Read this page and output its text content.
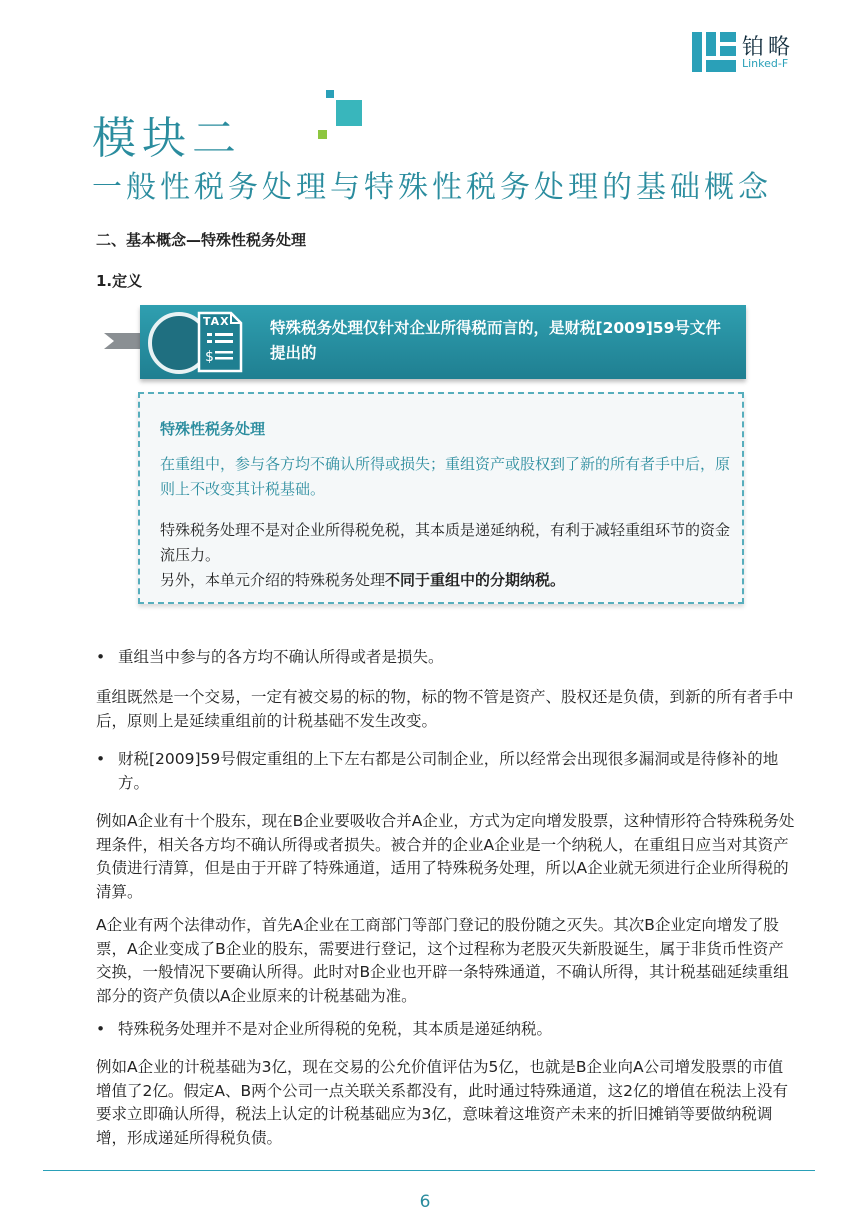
铂略
Linked-F
模块二
一般性税务处理与特殊性税务处理的基础概念
二、基本概念—特殊性税务处理
1.定义
特殊税务处理仅针对企业所得税而言的，是财税[2009]59号文件提出的
$
TAX
特殊性税务处理
在重组中，参与各方均不确认所得或损失；重组资产或股权到了新的所有者手中后，原则上不改变其计税基础。
特殊税务处理不是对企业所得税免税，其本质是递延纳税，有利于减轻重组环节的资金流压力。
另外，本单元介绍的特殊税务处理不同于重组中的分期纳税。
• 重组当中参与的各方均不确认所得或者是损失。
重组既然是一个交易，一定有被交易的标的物，标的物不管是资产、股权还是负债，到新的所有者手中后，原则上是延续重组前的计税基础不发生改变。
• 财税[2009]59号假定重组的上下左右都是公司制企业，所以经常会出现很多漏洞或是待修补的地方。
例如A企业有十个股东，现在B企业要吸收合并A企业，方式为定向增发股票，这种情形符合特殊税务处理条件，相关各方均不确认所得或者损失。被合并的企业A企业是一个纳税人，在重组日应当对其资产负债进行清算，但是由于开辟了特殊通道，适用了特殊税务处理，所以A企业就无须进行企业所得税的清算。
A企业有两个法律动作，首先A企业在工商部门等部门登记的股份随之灭失。其次B企业定向增发了股票，A企业变成了B企业的股东，需要进行登记，这个过程称为老股灭失新股诞生，属于非货币性资产交换，一般情况下要确认所得。此时对B企业也开辟一条特殊通道，不确认所得，其计税基础延续重组部分的资产负债以A企业原来的计税基础为准。
• 特殊税务处理并不是对企业所得税的免税，其本质是递延纳税。
例如A企业的计税基础为3亿，现在交易的公允价值评估为5亿，也就是B企业向A公司增发股票的市值增值了2亿。假定A、B两个公司一点关联关系都没有，此时通过特殊通道，这2亿的增值在税法上没有要求立即确认所得，税法上认定的计税基础应为3亿，意味着这堆资产未来的折旧摊销等要做纳税调增，形成递延所得税负债。
6
